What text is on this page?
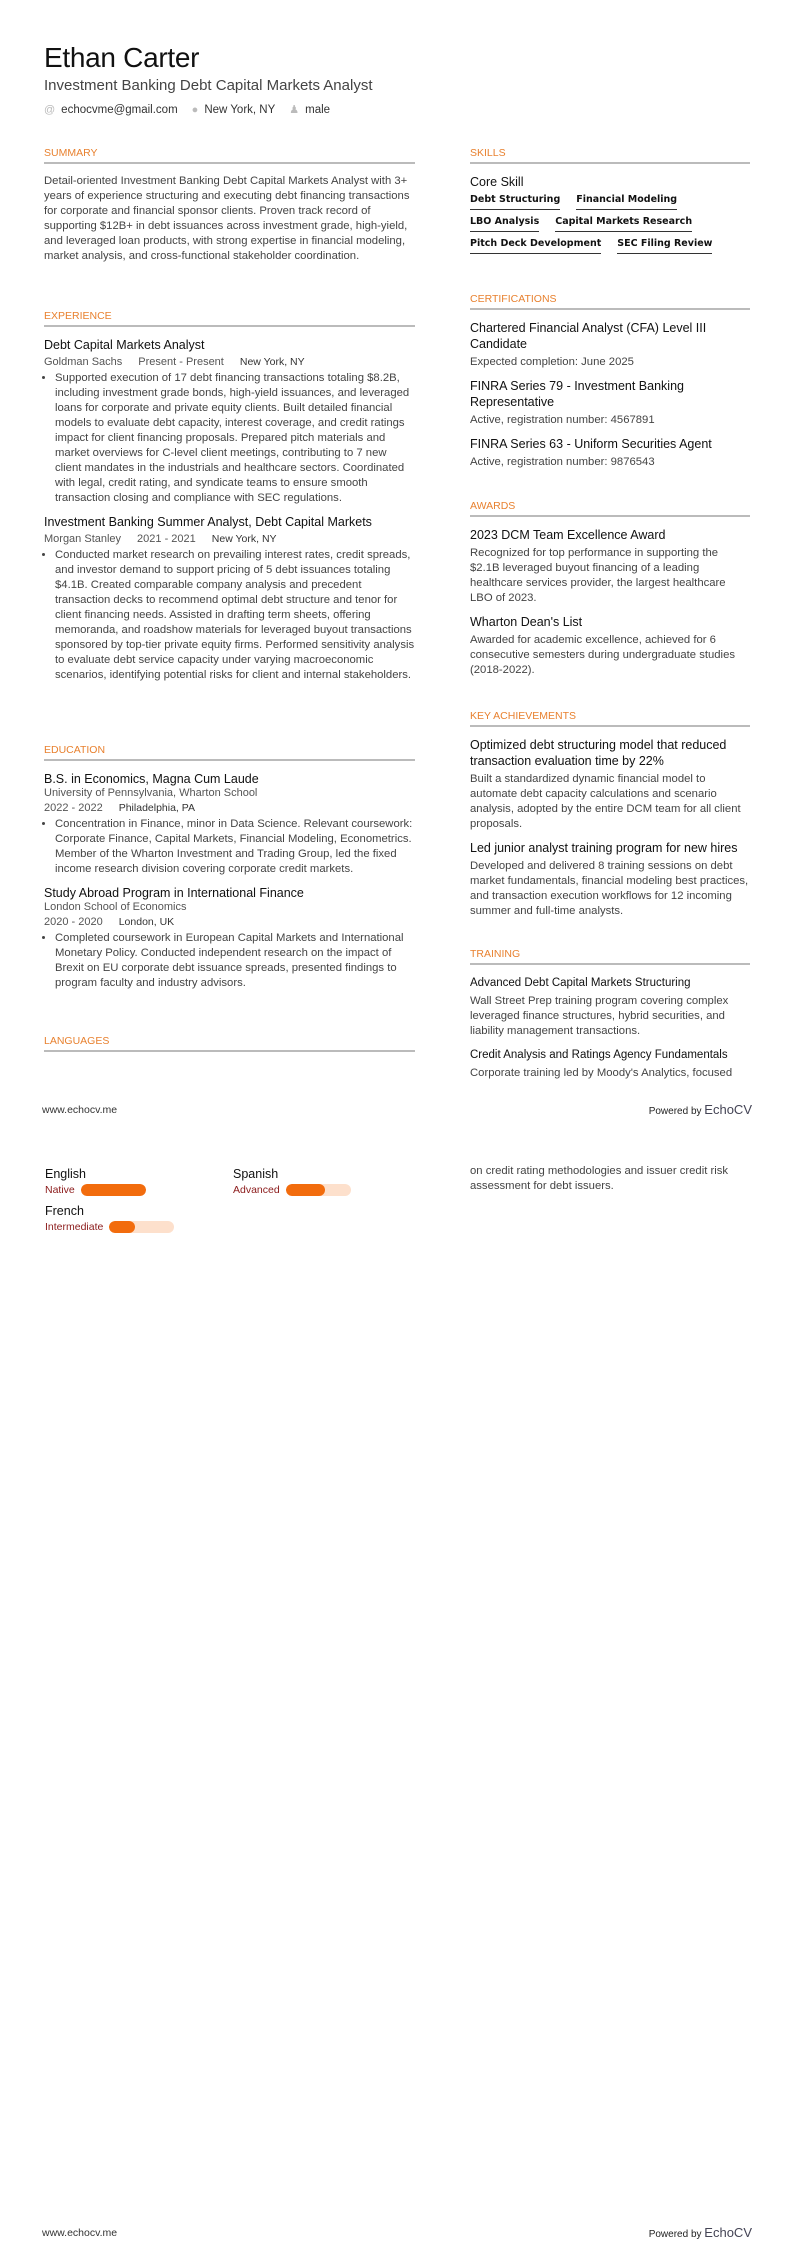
Ethan Carter
Investment Banking Debt Capital Markets Analyst
@ echocvme@gmail.com ● New York, NY ♟ male
SUMMARY
Detail-oriented Investment Banking Debt Capital Markets Analyst with 3+ years of experience structuring and executing debt financing transactions for corporate and financial sponsor clients. Proven track record of supporting $12B+ in debt issuances across investment grade, high-yield, and leveraged loan products, with strong expertise in financial modeling, market analysis, and cross-functional stakeholder coordination.
EXPERIENCE
Debt Capital Markets Analyst
Goldman Sachs Present - Present New York, NY
• Supported execution of 17 debt financing transactions totaling $8.2B, including investment grade bonds, high-yield issuances, and leveraged loans for corporate and private equity clients. Built detailed financial models to evaluate debt capacity, interest coverage, and credit ratings impact for client financing proposals. Prepared pitch materials and market overviews for C-level client meetings, contributing to 7 new client mandates in the industrials and healthcare sectors. Coordinated with legal, credit rating, and syndicate teams to ensure smooth transaction closing and compliance with SEC regulations.
Investment Banking Summer Analyst, Debt Capital Markets
Morgan Stanley 2021 - 2021 New York, NY
• Conducted market research on prevailing interest rates, credit spreads, and investor demand to support pricing of 5 debt issuances totaling $4.1B. Created comparable company analysis and precedent transaction decks to recommend optimal debt structure and tenor for client financing needs. Assisted in drafting term sheets, offering memoranda, and roadshow materials for leveraged buyout transactions sponsored by top-tier private equity firms. Performed sensitivity analysis to evaluate debt service capacity under varying macroeconomic scenarios, identifying potential risks for client and internal stakeholders.
EDUCATION
B.S. in Economics, Magna Cum Laude
University of Pennsylvania, Wharton School
2022 - 2022 Philadelphia, PA
• Concentration in Finance, minor in Data Science. Relevant coursework: Corporate Finance, Capital Markets, Financial Modeling, Econometrics. Member of the Wharton Investment and Trading Group, led the fixed income research division covering corporate credit markets.
Study Abroad Program in International Finance
London School of Economics
2020 - 2020 London, UK
• Completed coursework in European Capital Markets and International Monetary Policy. Conducted independent research on the impact of Brexit on EU corporate debt issuance spreads, presented findings to program faculty and industry advisors.
LANGUAGES
SKILLS
Core Skill
Debt Structuring Financial Modeling
LBO Analysis Capital Markets Research
Pitch Deck Development SEC Filing Review
CERTIFICATIONS
Chartered Financial Analyst (CFA) Level III Candidate
Expected completion: June 2025
FINRA Series 79 - Investment Banking Representative
Active, registration number: 4567891
FINRA Series 63 - Uniform Securities Agent
Active, registration number: 9876543
AWARDS
2023 DCM Team Excellence Award
Recognized for top performance in supporting the $2.1B leveraged buyout financing of a leading healthcare services provider, the largest healthcare LBO of 2023.
Wharton Dean's List
Awarded for academic excellence, achieved for 6 consecutive semesters during undergraduate studies (2018-2022).
KEY ACHIEVEMENTS
Optimized debt structuring model that reduced transaction evaluation time by 22%
Built a standardized dynamic financial model to automate debt capacity calculations and scenario analysis, adopted by the entire DCM team for all client proposals.
Led junior analyst training program for new hires
Developed and delivered 8 training sessions on debt market fundamentals, financial modeling best practices, and transaction execution workflows for 12 incoming summer and full-time analysts.
TRAINING
Advanced Debt Capital Markets Structuring
Wall Street Prep training program covering complex leveraged finance structures, hybrid securities, and liability management transactions.
Credit Analysis and Ratings Agency Fundamentals
Corporate training led by Moody's Analytics, focused
www.echocv.me	Powered by EchoCV
English
Native
Spanish
Advanced
French
Intermediate
on credit rating methodologies and issuer credit risk assessment for debt issuers.
www.echocv.me	Powered by EchoCV
